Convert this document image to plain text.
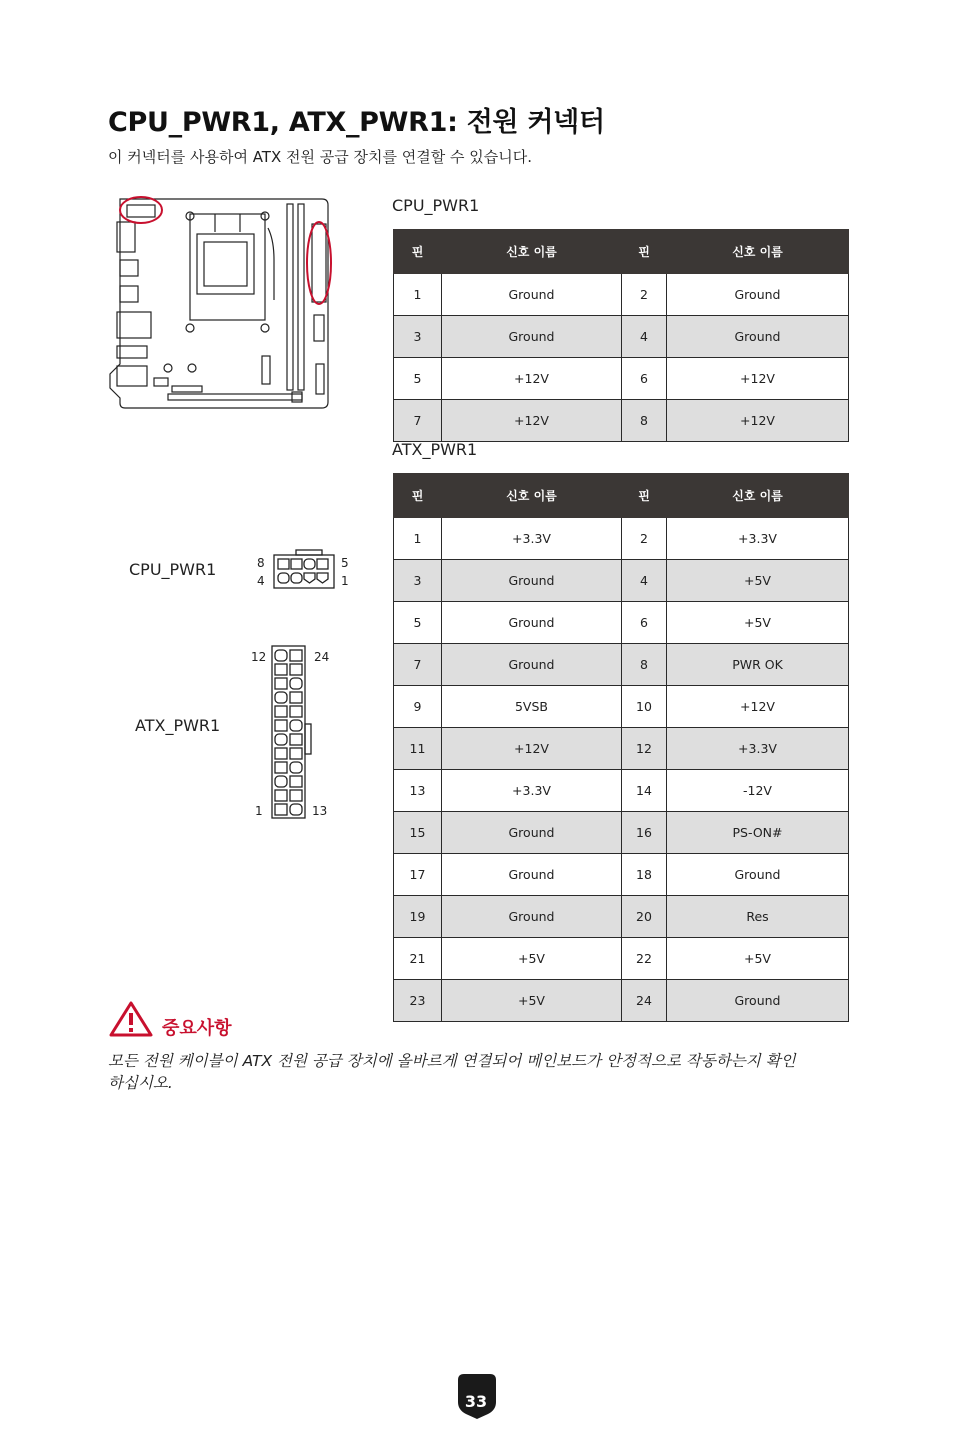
CPU_PWR1, ATX_PWR1: 전원 커넥터
이 커넥터를 사용하여 ATX 전원 공급 장치를 연결할 수 있습니다.
CPU_PWR1	8
4
5
1
ATX_PWR1
12	24
1	13
CPU_PWR1
핀	신호 이름	핀	신호 이름
1	Ground	2	Ground
3	Ground	4	Ground
5	+12V	6	+12V
7	+12V	8	+12V
ATX_PWR1
핀	신호 이름	핀	신호 이름
1	+3.3V	2	+3.3V
3	Ground	4	+5V
5	Ground	6	+5V
7	Ground	8	PWR OK
9	5VSB	10	+12V
11	+12V	12	+3.3V
13	+3.3V	14	-12V
15	Ground	16	PS-ON#
17	Ground	18	Ground
19	Ground	20	Res
21	+5V	22	+5V
23	+5V	24	Ground
중요사항
모든 전원 케이블이 ATX 전원 공급 장치에 올바르게 연결되어 메인보드가 안정적으로 작동하는지 확인하십시오.
33
